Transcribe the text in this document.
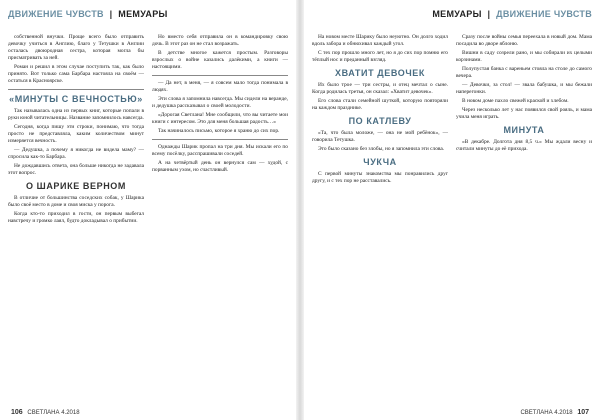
ДВИЖЕНИЕ ЧУВСТВ | МЕМУАРЫ

собственной внучки. Проще всего было отправить девочку учиться в Англию, благо у Тетушки в Англии осталась двоюродная сестра, которая могла бы присматривать за ней.

Роман и решил в этом случае поступить так, как было принято. Вот только сама Барбара настояла на своём — остаться в Красноярске.

«МИНУТЫ С ВЕЧНОСТЬЮ»

Так называлась одна из первых книг, которые попали в руки юной читательницы. Название запомнилось навсегда.

Сегодня, когда пишу эти строки, понимаю, что тогда просто не представляла, каким количеством минут измеряется вечность.

— Дедушка, а почему я никогда не видела маму? — спросила как-то Барбара.

Не дождавшись ответа, она больше никогда не задавала этот вопрос.

О ШАРИКЕ ВЕРНОМ

В отличие от большинства соседских собак, у Шарика было своё место в доме и своя миска у порога.

Когда кто-то приходил в гости, он первым выбегал навстречу и громко лаял, будто докладывал о прибытии.

Но вместо себя отправила он в командировку свою дочь. В этот раз он не стал возражать.

В детстве многое кажется простым. Разговоры взрослых о войне казались далёкими, а книги — настоящими.

— Да нет, в меня, — я совсем мало тогда понимала в людях.

Эти слова я запомнила навсегда. Мы сидели на веранде, и дедушка рассказывал о своей молодости.

«Дорогая Светлана! Мне сообщили, что вы читаете мои книги с интересом. Это для меня большая радость…»

Так начиналось письмо, которое я храню до сих пор.

Однажды Шарик пропал на три дня. Мы искали его по всему посёлку, расспрашивали соседей.

А на четвёртый день он вернулся сам — худой, с порванным ухом, но счастливый.

106 СВЕТЛАНА 4.2018
МЕМУАРЫ | ДВИЖЕНИЕ ЧУВСТВ

На новом месте Шарику было неуютно. Он долго ходил вдоль забора и обнюхивал каждый угол.

С тех пор прошло много лет, но я до сих пор помню его тёплый нос и преданный взгляд.

ХВАТИТ ДЕВОЧЕК

Их было трое — три сестры, и отец мечтал о сыне. Когда родилась третья, он сказал: «Хватит девочек».

Его слова стали семейной шуткой, которую повторяли на каждом празднике.

ПО КАТЛЕВУ

«Та, что была моложе, — она не мой ребёнок», — говорила Тетушка.

Это было сказано без злобы, но я запомнила эти слова.

ЧУКЧА

С первой минуты знакомства мы понравились друг другу, и с тех пор не расставались.

Сразу после войны семья переехала в новый дом. Мама посадила во дворе яблоню.

Вишни в саду созрели рано, и мы собирали их целыми корзинами.

Полупустая банка с вареньем стояла на столе до самого вечера.

— Девочки, за стол! — звала бабушка, и мы бежали наперегонки.

В новом доме пахло свежей краской и хлебом.

Через несколько лет у нас появился свой рояль, и мама учила меня играть.

МИНУТА

«В декабре. Долгота дня 8,5 ч.» Мы ждали весну и считали минуты до её прихода.

СВЕТЛАНА 4.2018 107
